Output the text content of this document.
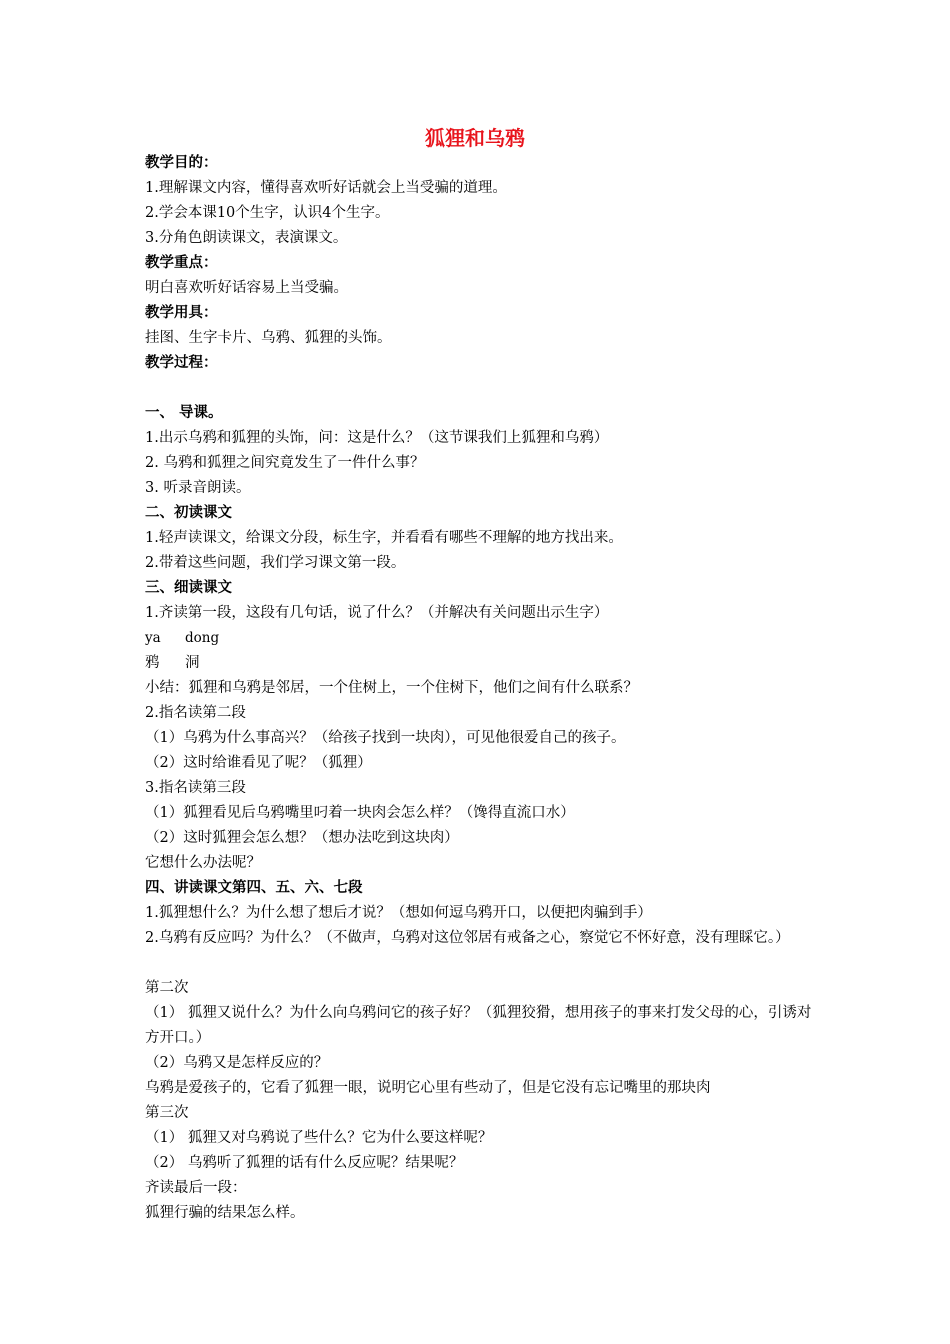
狐狸和乌鸦
教学目的：
1.理解课文内容，懂得喜欢听好话就会上当受骗的道理。
2.学会本课10个生字，认识4个生字。
3.分角色朗读课文，表演课文。
教学重点：
明白喜欢听好话容易上当受骗。
教学用具：
挂图、生字卡片、乌鸦、狐狸的头饰。
教学过程：
一、 导课。
1.出示乌鸦和狐狸的头饰，问：这是什么？（这节课我们上狐狸和乌鸦）
2. 乌鸦和狐狸之间究竟发生了一件什么事？
3. 听录音朗读。
二、初读课文
1.轻声读课文，给课文分段，标生字，并看看有哪些不理解的地方找出来。
2.带着这些问题，我们学习课文第一段。
三、细读课文
1.齐读第一段，这段有几句话，说了什么？（并解决有关问题出示生字）
ya	dong
鸦	洞
小结：狐狸和乌鸦是邻居，一个住树上，一个住树下，他们之间有什么联系？
2.指名读第二段
（1）乌鸦为什么事高兴？（给孩子找到一块肉），可见他很爱自己的孩子。
（2）这时给谁看见了呢？（狐狸）
3.指名读第三段
（1）狐狸看见后乌鸦嘴里叼着一块肉会怎么样？（馋得直流口水）
（2）这时狐狸会怎么想？（想办法吃到这块肉）
它想什么办法呢？
四、讲读课文第四、五、六、七段
1.狐狸想什么？为什么想了想后才说？（想如何逗乌鸦开口，以便把肉骗到手）
2.乌鸦有反应吗？为什么？（不做声，乌鸦对这位邻居有戒备之心，察觉它不怀好意，没有理睬它。）
第二次
（1） 狐狸又说什么？为什么向乌鸦问它的孩子好？（狐狸狡猾，想用孩子的事来打发父母的心，引诱对方开口。）
（2）乌鸦又是怎样反应的？
乌鸦是爱孩子的，它看了狐狸一眼，说明它心里有些动了，但是它没有忘记嘴里的那块肉
第三次
（1） 狐狸又对乌鸦说了些什么？它为什么要这样呢？
（2） 乌鸦听了狐狸的话有什么反应呢？结果呢？
齐读最后一段：
狐狸行骗的结果怎么样。
